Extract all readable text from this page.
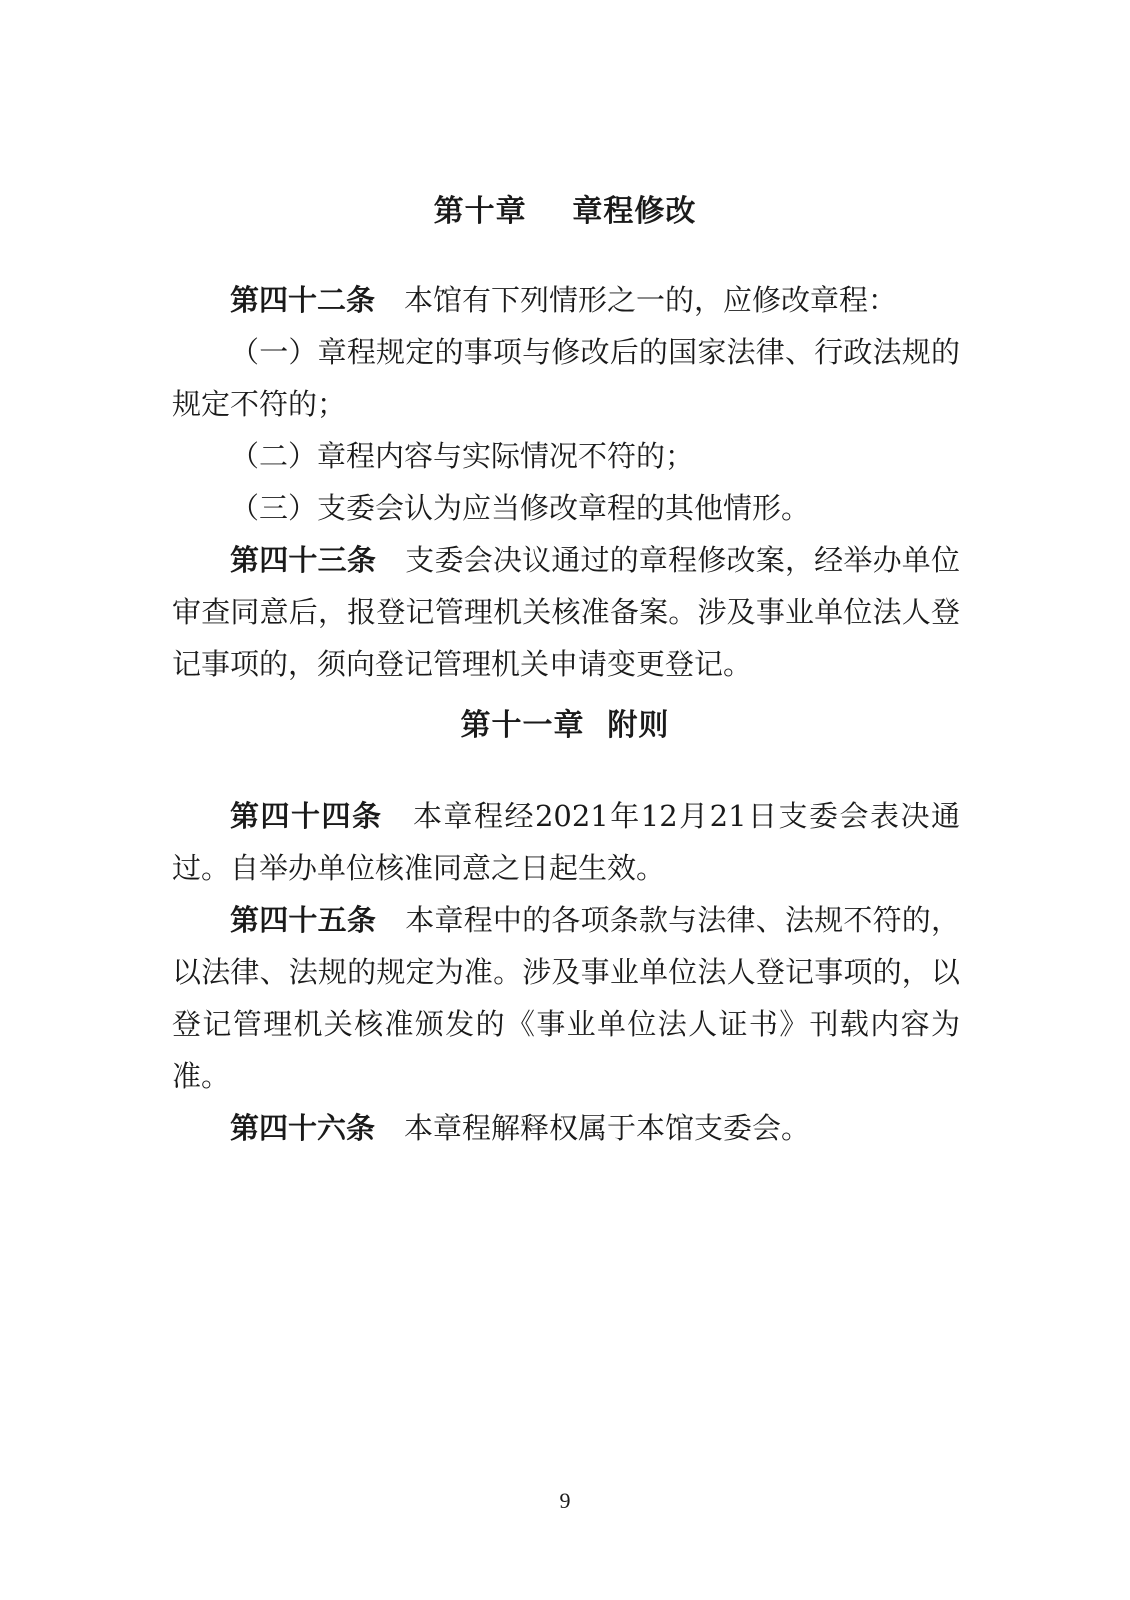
第十章    章程修改

第四十二条 本馆有下列情形之一的，应修改章程：

（一）章程规定的事项与修改后的国家法律、行政法规的规定不符的；

（二）章程内容与实际情况不符的；

（三）支委会认为应当修改章程的其他情形。

第四十三条 支委会决议通过的章程修改案，经举办单位审查同意后，报登记管理机关核准备案。涉及事业单位法人登记事项的，须向登记管理机关申请变更登记。

第十一章  附则

第四十四条 本章程经2021年12月21日支委会表决通过。自举办单位核准同意之日起生效。

第四十五条 本章程中的各项条款与法律、法规不符的，以法律、法规的规定为准。涉及事业单位法人登记事项的，以登记管理机关核准颁发的《事业单位法人证书》刊载内容为准。

第四十六条 本章程解释权属于本馆支委会。

9
